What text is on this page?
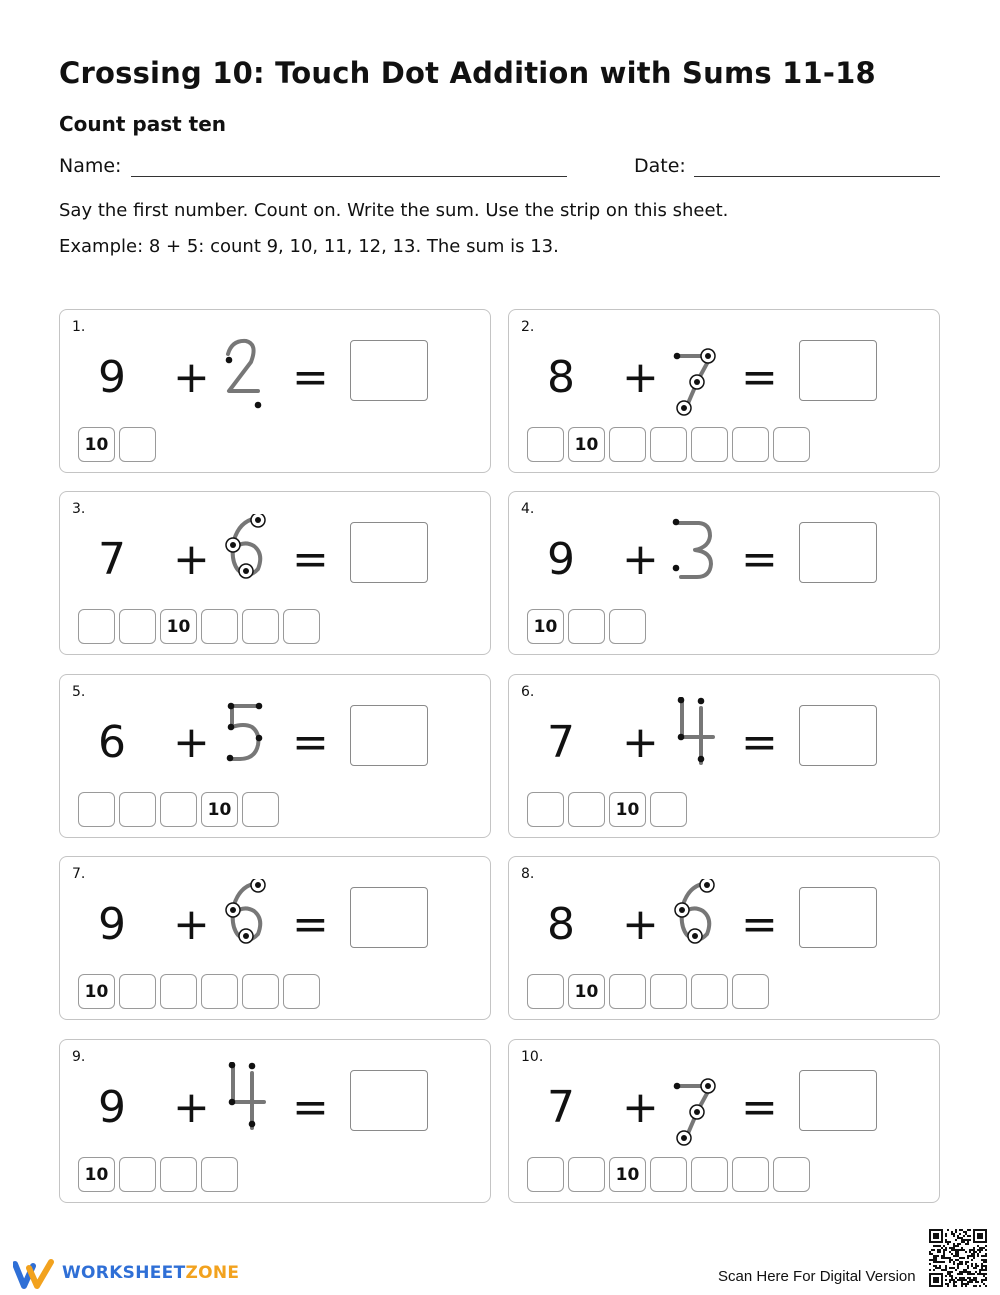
Crossing 10: Touch Dot Addition with Sums 11-18
Count past ten
Name:	Date:
Say the first number. Count on. Write the sum. Use the strip on this sheet.
Example: 8 + 5: count 9, 10, 11, 12, 13. The sum is 13.
1.
9 + =
10
2.
8 + =
10
3.
7 + =
10
4.
9 + =
10
5.
6 + =
10
6.
7 + =
10
7.
9 + =
10
8.
8 + =
10
9.
9 + =
10
10.
7 + =
10
WORKSHEETZONE	Scan Here For Digital Version
